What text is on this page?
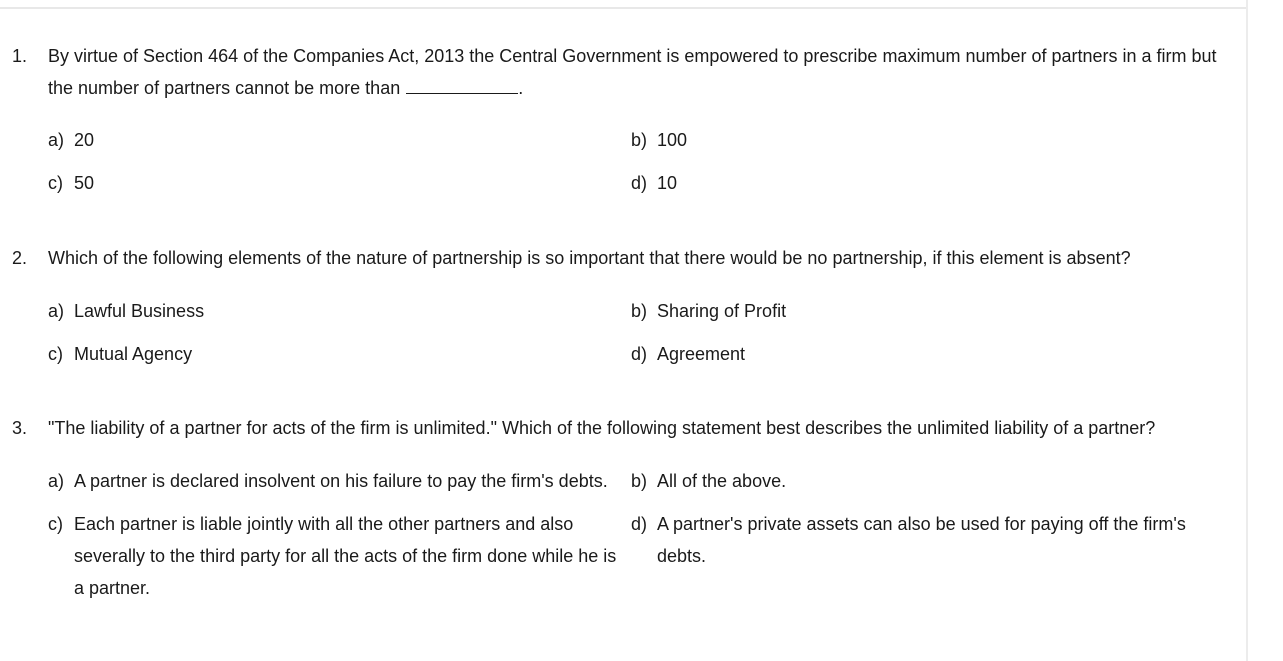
1. By virtue of Section 464 of the Companies Act, 2013 the Central Government is empowered to prescribe maximum number of partners in a firm but the number of partners cannot be more than	.
a) 20	b) 100
c) 50	d) 10
2. Which of the following elements of the nature of partnership is so important that there would be no partnership, if this element is absent?
a) Lawful Business	b) Sharing of Profit
c) Mutual Agency	d) Agreement
3. "The liability of a partner for acts of the firm is unlimited." Which of the following statement best describes the unlimited liability of a partner?
a) A partner is declared insolvent on his failure to pay the firm's debts. b) All of the above.
c) Each partner is liable jointly with all the other partners and also severally to the third party for all the acts of the firm done while he is a partner.
d) A partner's private assets can also be used for paying off the firm's debts.
